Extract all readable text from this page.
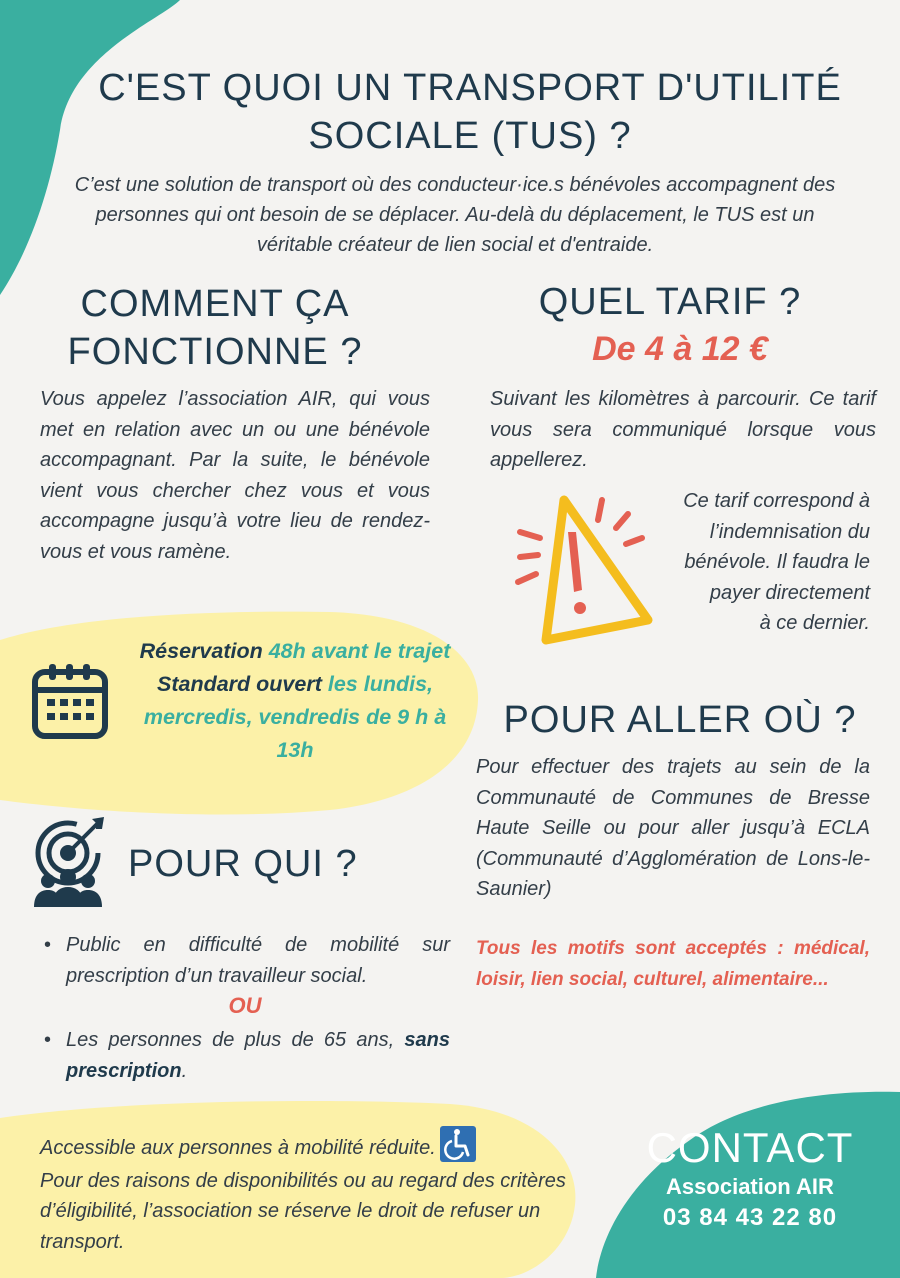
C'EST QUOI UN TRANSPORT D'UTILITÉ SOCIALE (TUS) ?
C’est une solution de transport où des conducteur·ice.s bénévoles accompagnent des personnes qui ont besoin de se déplacer. Au-delà du déplacement, le TUS est un véritable créateur de lien social et d'entraide.
COMMENT ÇA
FONCTIONNE ?
Vous appelez l’association AIR, qui vous met en relation avec un ou une bénévole accompagnant. Par la suite, le bénévole vient vous chercher chez vous et vous accompagne jusqu’à votre lieu de rendez-vous et vous ramène.
QUEL TARIF ?
De 4 à 12 €
Suivant les kilomètres à parcourir. Ce tarif vous sera communiqué lorsque vous appellerez.
Ce tarif correspond à
l’indemnisation du
bénévole. Il faudra le
payer directement
à ce dernier.
Réservation 48h avant le trajet
Standard ouvert les lundis, mercredis, vendredis de 9 h à 13h
POUR QUI ?
• Public en difficulté de mobilité sur prescription d’un travailleur social.
OU
• Les personnes de plus de 65 ans, sans prescription.
POUR ALLER OÙ ?
Pour effectuer des trajets au sein de la Communauté de Communes de Bresse Haute Seille ou pour aller jusqu’à ECLA (Communauté d’Agglomération de Lons-le-Saunier)
Tous les motifs sont acceptés : médical, loisir, lien social, culturel, alimentaire...
Accessible aux personnes à mobilité réduite.
Pour des raisons de disponibilités ou au regard des critères d’éligibilité, l’association se réserve le droit de refuser un transport.
CONTACT
Association AIR
03 84 43 22 80
